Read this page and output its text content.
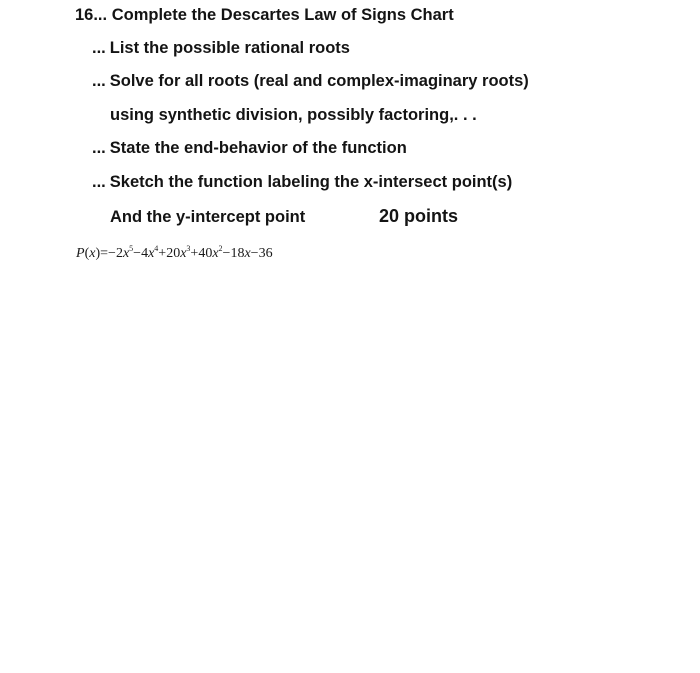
16... Complete the Descartes Law of Signs Chart
... List the possible rational roots
... Solve for all roots (real and complex-imaginary roots)
using synthetic division, possibly factoring,. . .
... State the end-behavior of the function
... Sketch the function labeling the x-intersect point(s)
And the y-intercept point	20 points
$P(x)=-2x^5-4x^4+20x^3+40x^2-18x-36$
